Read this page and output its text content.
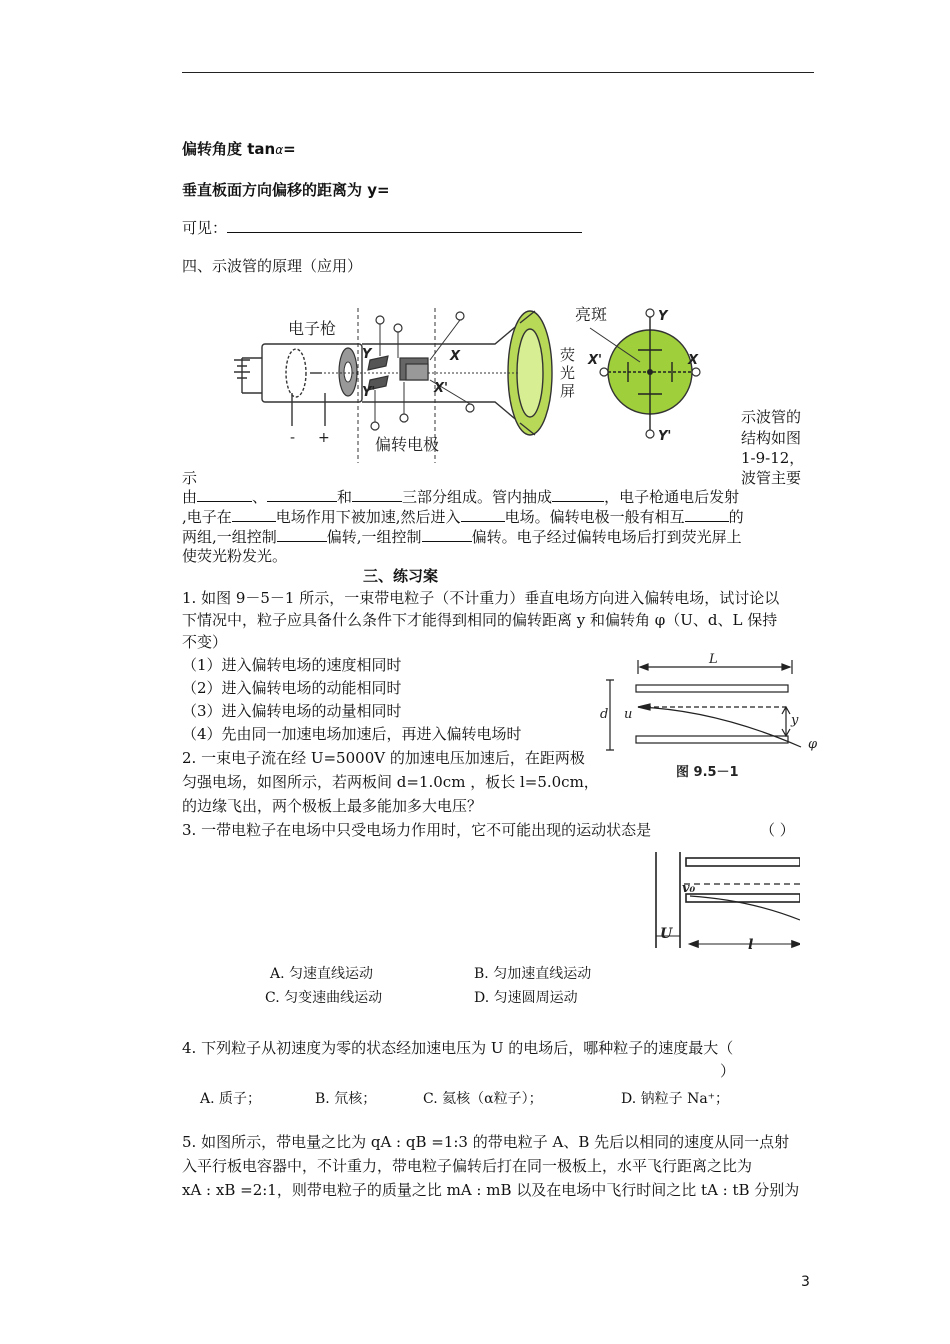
偏转角度 tanα=
垂直板面方向偏移的距离为 y=
可见：
四、示波管的原理（应用）
电子枪
亮斑
荧
光
屏
偏转电极
- +
Y
Y'
X
X'
Y
Y'
X'	X
示波管的
结构如图
1-9-12，
波管主要
示
由	、	和	三部分组成。管内抽成	，电子枪通电后发射
,电子在	电场作用下被加速,然后进入	电场。偏转电极一般有相互	的
两组,一组控制	偏转,一组控制	偏转。电子经过偏转电场后打到荧光屏上
使荧光粉发光。
三、练习案
1. 如图 9－5－1 所示，一束带电粒子（不计重力）垂直电场方向进入偏转电场，试讨论以
下情况中，粒子应具备什么条件下才能得到相同的偏转距离 y 和偏转角 φ（U、d、L 保持
不变）
（1）进入偏转电场的速度相同时
（2）进入偏转电场的动能相同时
（3）进入偏转电场的动量相同时
（4）先由同一加速电场加速后，再进入偏转电场时
L
d u	y
φ
图 9.5－1
2. 一束电子流在经 U=5000V 的加速电压加速后，在距两极
匀强电场，如图所示，若两板间 d=1.0cm ，板长 l=5.0cm，
的边缘飞出，两个极板上最多能加多大电压？
3. 一带电粒子在电场中只受电场力作用时，它不可能出现的运动状态是	（ ）
v₀
U
l
A. 匀速直线运动	B. 匀加速直线运动
C. 匀变速曲线运动	D. 匀速圆周运动
4. 下列粒子从初速度为零的状态经加速电压为 U 的电场后，哪种粒子的速度最大（
）
A. 质子；	B. 氘核；	C. 氦核（α粒子）；	D. 钠粒子 Na⁺；
5. 如图所示，带电量之比为 qA : qB =1:3 的带电粒子 A、B 先后以相同的速度从同一点射
入平行板电容器中，不计重力，带电粒子偏转后打在同一极板上，水平飞行距离之比为
xA : xB =2:1，则带电粒子的质量之比 mA : mB 以及在电场中飞行时间之比 tA : tB 分别为
3
